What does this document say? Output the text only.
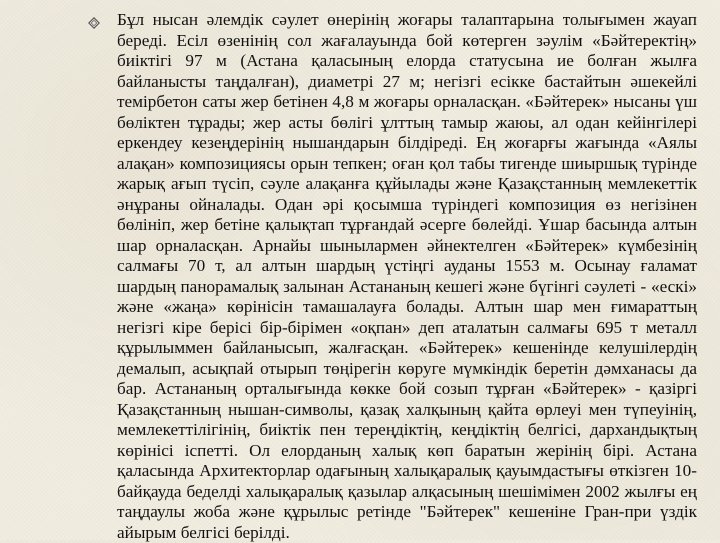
Бұл нысан әлемдік сәулет өнерінің жоғары талаптарына толығымен жауап береді. Есіл өзенінің сол жағалауында бой көтерген зәулім «Бәйтеректің» биіктігі 97 м (Астана қаласының елорда статусына ие болған жылға байланысты таңдалған), диаметрі 27 м; негізгі есікке бастайтын әшекейлі темірбетон саты жер бетінен 4,8 м жоғары орналасқан. «Бәйтерек» нысаны үш бөліктен тұрады; жер асты бөлігі ұлттың тамыр жаюы, ал одан кейінгілері еркендеу кезеңдерінің нышандарын білдіреді. Ең жоғарғы жағында «Аялы алақан» композициясы орын тепкен; оған қол табы тигенде шиыршық түрінде жарық ағып түсіп, сәуле алақанға құйылады және Қазақстанның мемлекеттік әнұраны ойналады. Одан әрі қосымша түріндегі композиция өз негізінен бөлініп, жер бетіне қалықтап тұрғандай әсерге бөлейді. Ұшар басында алтын шар орналасқан. Арнайы шынылармен әйнектелген «Бәйтерек» күмбезінің салмағы 70 т, ал алтын шардың үстіңгі ауданы 1553 м. Осынау ғаламат шардың панорамалық залынан Астананың кешегі және бүгінгі сәулеті - «ескі» және «жаңа» көрінісін тамашалауға болады. Алтын шар мен ғимараттың негізгі кіре берісі бір-бірімен «оқпан» деп аталатын салмағы 695 т металл құрылыммен байланысып, жалғасқан. «Бәйтерек» кешенінде келушілердің демалып, асықпай отырып төңірегін көруге мүмкіндік беретін дәмханасы да бар. Астананың орталығында көкке бой созып тұрған «Бәйтерек» - қазіргі Қазақстанның нышан-символы, қазақ халқының қайта өрлеуі мен түпеуінің, мемлекеттілігінің, биіктік пен тереңдіктің, кеңдіктің белгісі, дархандықтың көрінісі іспетті. Ол елорданың халық көп баратын жерінің бірі. Астана қаласында Архитекторлар одағының халықаралық қауымдастығы өткізген 10-байқауда беделді халықаралық қазылар алқасының шешімімен 2002 жылғы ең таңдаулы жоба және құрылыс ретінде "Бәйтерек" кешеніне Гран-при үздік айырым белгісі берілді.
